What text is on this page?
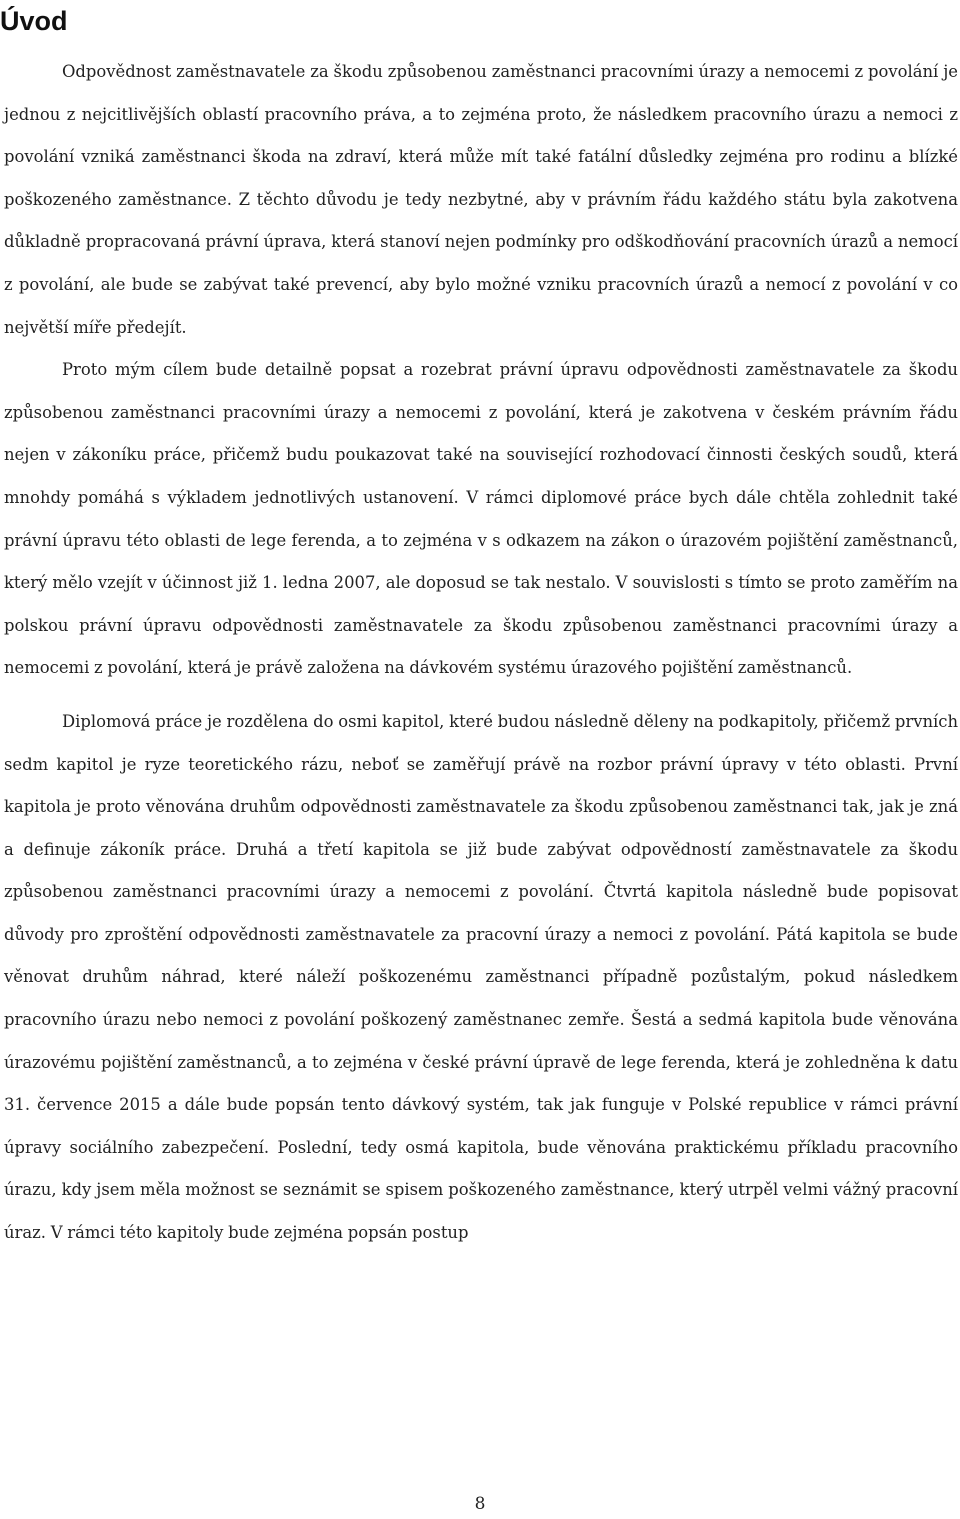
Úvod

Odpovědnost zaměstnavatele za škodu způsobenou zaměstnanci pracovními úrazy a nemocemi z povolání je jednou z nejcitlivějších oblastí pracovního práva, a to zejména proto, že následkem pracovního úrazu a nemoci z povolání vzniká zaměstnanci škoda na zdraví, která může mít také fatální důsledky zejména pro rodinu a blízké poškozeného zaměstnance. Z těchto důvodu je tedy nezbytné, aby v právním řádu každého státu byla zakotvena důkladně propracovaná právní úprava, která stanoví nejen podmínky pro odškodňování pracovních úrazů a nemocí z povolání, ale bude se zabývat také prevencí, aby bylo možné vzniku pracovních úrazů a nemocí z povolání v co největší míře předejít.

Proto mým cílem bude detailně popsat a rozebrat právní úpravu odpovědnosti zaměstnavatele za škodu způsobenou zaměstnanci pracovními úrazy a nemocemi z povolání, která je zakotvena v českém právním řádu nejen v zákoníku práce, přičemž budu poukazovat také na související rozhodovací činnosti českých soudů, která mnohdy pomáhá s výkladem jednotlivých ustanovení. V rámci diplomové práce bych dále chtěla zohlednit také právní úpravu této oblasti de lege ferenda, a to zejména v s odkazem na zákon o úrazovém pojištění zaměstnanců, který mělo vzejít v účinnost již 1. ledna 2007, ale doposud se tak nestalo. V souvislosti s tímto se proto zaměřím na polskou právní úpravu odpovědnosti zaměstnavatele za škodu způsobenou zaměstnanci pracovními úrazy a nemocemi z povolání, která je právě založena na dávkovém systému úrazového pojištění zaměstnanců.

Diplomová práce je rozdělena do osmi kapitol, které budou následně děleny na podkapitoly, přičemž prvních sedm kapitol je ryze teoretického rázu, neboť se zaměřují právě na rozbor právní úpravy v této oblasti. První kapitola je proto věnována druhům odpovědnosti zaměstnavatele za škodu způsobenou zaměstnanci tak, jak je zná a definuje zákoník práce. Druhá a třetí kapitola se již bude zabývat odpovědností zaměstnavatele za škodu způsobenou zaměstnanci pracovními úrazy a nemocemi z povolání. Čtvrtá kapitola následně bude popisovat důvody pro zproštění odpovědnosti zaměstnavatele za pracovní úrazy a nemoci z povolání. Pátá kapitola se bude věnovat druhům náhrad, které náleží poškozenému zaměstnanci případně pozůstalým, pokud následkem pracovního úrazu nebo nemoci z povolání poškozený zaměstnanec zemře. Šestá a sedmá kapitola bude věnována úrazovému pojištění zaměstnanců, a to zejména v české právní úpravě de lege ferenda, která je zohledněna k datu 31. července 2015 a dále bude popsán tento dávkový systém, tak jak funguje v Polské republice v rámci právní úpravy sociálního zabezpečení. Poslední, tedy osmá kapitola, bude věnována praktickému příkladu pracovního úrazu, kdy jsem měla možnost se seznámit se spisem poškozeného zaměstnance, který utrpěl velmi vážný pracovní úraz. V rámci této kapitoly bude zejména popsán postup

8
